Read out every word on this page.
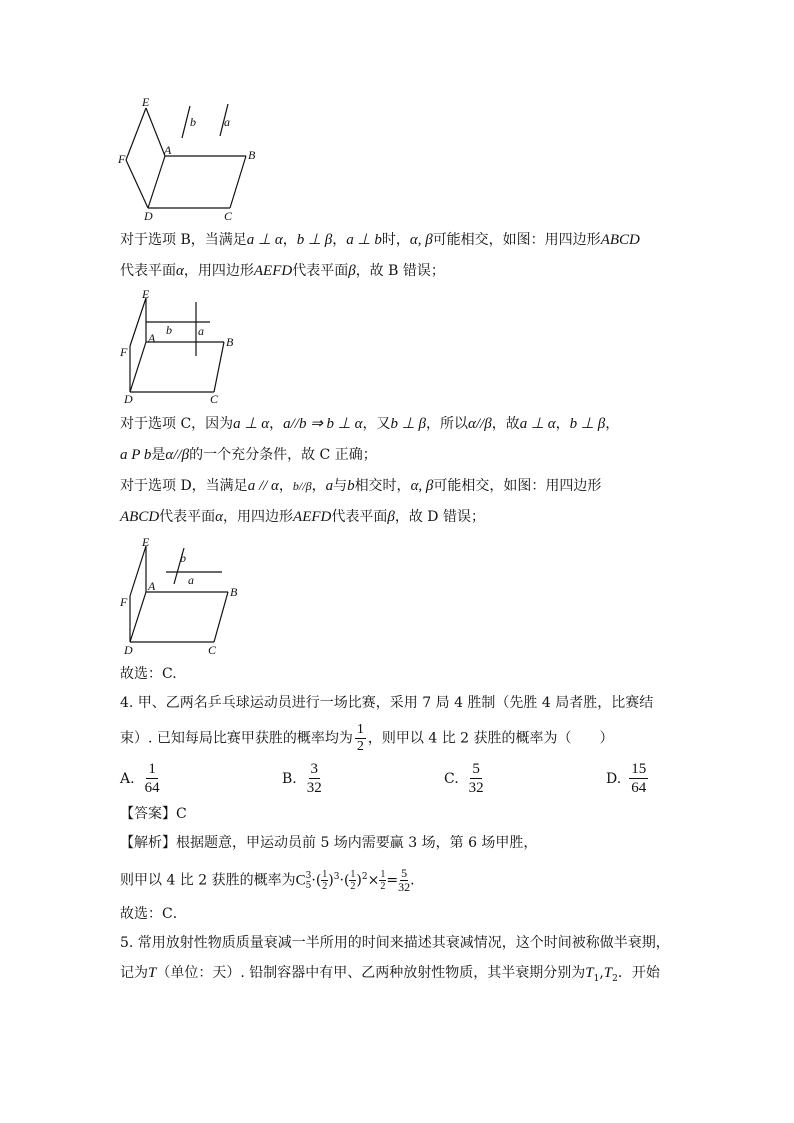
E
F
A	B
D	C
b a
对于选项 B，当满足a ⊥ α，b ⊥ β，a ⊥ b时，α, β可能相交，如图：用四边形ABCD
代表平面α，用四边形AEFD代表平面β，故 B 错误；
E
F
A	B
D	C
b a
对于选项 C，因为a ⊥ α，a//b ⇒ b ⊥ α，又b ⊥ β，所以α//β，故a ⊥ α，b ⊥ β，
a P b是α//β的一个充分条件，故 C 正确；
对于选项 D，当满足a // α，b//β，a与b相交时，α, β可能相交，如图：用四边形
ABCD代表平面α，用四边形AEFD代表平面β，故 D 错误；
E
F
A	B
D	C
b
a
故选：C.
4. 甲、乙两名乒乓球运动员进行一场比赛，采用 7 局 4 胜制（先胜 4 局者胜，比赛结
束）. 已知每局比赛甲获胜的概率均为 $\frac{1}{2}$ ，则甲以 4 比 2 获胜的概率为（　　）
A. $\frac{1}{64}$	B. $\frac{3}{32}$	C. $\frac{5}{32}$	D. $\frac{15}{64}$
【答案】C
【解析】根据题意，甲运动员前 5 场内需要赢 3 场，第 6 场甲胜，
则甲以 4 比 2 获胜的概率为C 3
5 ·( $\frac{1}{2} )^3\cdot( \frac{1}{2} )^2\times \frac{1}{2} = \frac{5}{32}$ .
故选：C．
5. 常用放射性物质质量衰减一半所用的时间来描述其衰减情况，这个时间被称做半衰期，
记为T（单位：天）. 铅制容器中有甲、乙两种放射性物质，其半衰期分别为$T_1,T_2$．开始
